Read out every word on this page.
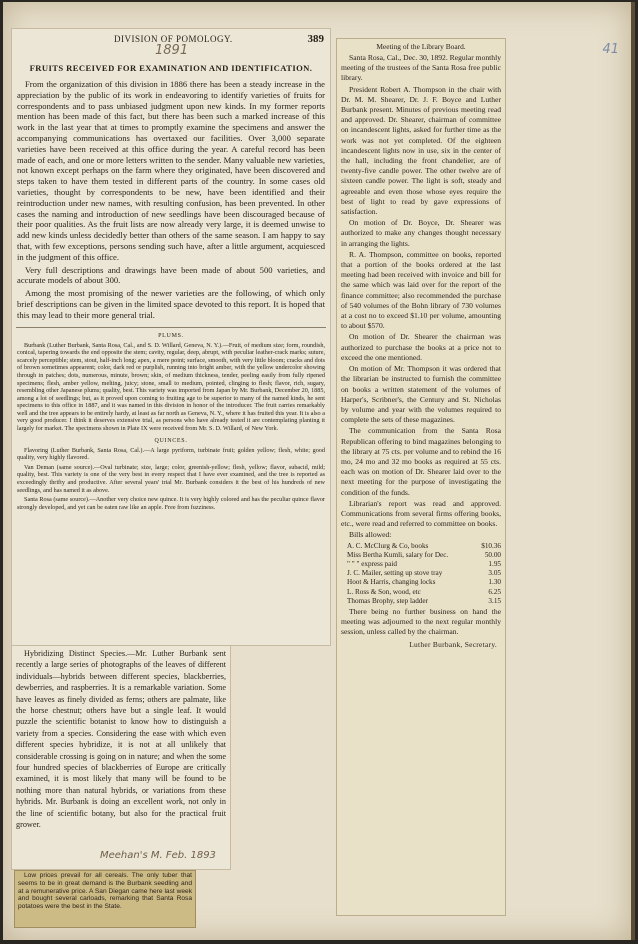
41
DIVISION OF POMOLOGY.	389
1891
FRUITS RECEIVED FOR EXAMINATION AND IDENTIFICATION.

From the organization of this division in 1886 there has been a steady increase in the appreciation by the public of its work in endeavoring to identify varieties of fruits for correspondents and to pass unbiased judgment upon new kinds. In my former reports mention has been made of this fact, but there has been such a marked increase of this work in the last year that at times to promptly examine the specimens and answer the accompanying communications has overtaxed our facilities. Over 3,000 separate varieties have been received at this office during the year. A careful record has been made of each, and one or more letters written to the sender. Many valuable new varieties, not known except perhaps on the farm where they originated, have been discovered and steps taken to have them tested in different parts of the country. In some cases old varieties, thought by correspondents to be new, have been identified and their reintroduction under new names, with resulting confusion, has been prevented. In other cases the naming and introduction of new seedlings have been discouraged because of their poor qualities. As the fruit lists are now already very large, it is deemed unwise to add new kinds unless decidedly better than others of the same season. I am happy to say that, with few exceptions, persons sending such have, after a little argument, acquiesced in the judgment of this office.

Very full descriptions and drawings have been made of about 500 varieties, and accurate models of about 300.

Among the most promising of the newer varieties are the following, of which only brief descriptions can be given in the limited space devoted to this report. It is hoped that this may lead to their more general trial.

PLUMS.

Burbank (Luther Burbank, Santa Rosa, Cal., and S. D. Willard, Geneva, N. Y.).—Fruit, of medium size; form, roundish, conical, tapering towards the end opposite the stem; cavity, regular, deep, abrupt, with peculiar leather-crack marks; suture, scarcely perceptible; stem, stout, half-inch long; apex, a mere point; surface, smooth, with very little bloom; cracks and dots of brown sometimes appearent; color, dark red or purplish, running into bright amber, with the yellow undercolor showing through in patches; dots, numerous, minute, brown; skin, of medium thickness, tender, peeling easily from fully ripened specimens; flesh, amber yellow, melting, juicy; stone, small to medium, pointed, clinging to flesh; flavor, rich, sugary, resembling other Japanese plums; quality, best. This variety was imported from Japan by Mr. Burbank, December 20, 1885, among a lot of seedlings; but, as it proved upon coming to fruiting age to be superior to many of the named kinds, he sent specimens to this office in 1887, and it was named in this division in honor of the introducer. The fruit carries remarkably well and the tree appears to be entirely hardy, at least as far north as Geneva, N. Y., where it has fruited this year. It is also a very good producer. I think it deserves extensive trial, as persons who have already tested it are contemplating planting it largely for market. The specimens shown in Plate IX were received from Mr. S. D. Willard, of New York.

QUINCES.

Flavoring (Luther Burbank, Santa Rosa, Cal.).—A large pyriform, turbinate fruit; golden yellow; flesh, white; good quality, very highly flavored.

Van Deman (same source).—Oval turbinate; size, large; color, greenish-yellow; flesh, yellow; flavor, subacid, mild; quality, best. This variety is one of the very best in every respect that I have ever examined, and the tree is reported as exceedingly thrifty and productive. After several years' trial Mr. Burbank considers it the best of his hundreds of new seedlings, and has named it as above.

Santa Rosa (same source).—Another very choice new quince. It is very highly colored and has the peculiar quince flavor strongly developed, and yet can be eaten raw like an apple. Free from fuzziness.

Hybridizing Distinct Species.—Mr. Luther Burbank sent recently a large series of photographs of the leaves of different individuals—hybrids between different species, blackberries, dewberries, and raspberries. It is a remarkable variation. Some have leaves as finely divided as ferns; others are palmate, like the horse chestnut; others have but a single leaf. It would puzzle the scientific botanist to know how to distinguish a variety from a species. Considering the ease with which even different species hybridize, it is not at all unlikely that considerable crossing is going on in nature; and when the some four hundred species of blackberries of Europe are critically examined, it is most likely that many will be found to be nothing more than natural hybrids, or variations from these hybrids. Mr. Burbank is doing an excellent work, not only in the line of scientific botany, but also for the practical fruit grower.

Meehan's M. Feb. 1893

Low prices prevail for all cereals. The only tuber that seems to be in great demand is the Burbank seedling and at a remunerative price. A San Diegan came here last week and bought several carloads, remarking that Santa Rosa potatoes were the best in the State.

Meeting of the Library Board.

Santa Rosa, Cal., Dec. 30, 1892. Regular monthly meeting of the trustees of the Santa Rosa free public library.

President Robert A. Thompson in the chair with Dr. M. M. Shearer, Dr. J. F. Boyce and Luther Burbank present. Minutes of previous meeting read and approved. Dr. Shearer, chairman of committee on incandescent lights, asked for further time as the work was not yet completed. Of the eighteen incandescent lights now in use, six in the center of the hall, including the front chandelier, are of twenty-five candle power. The other twelve are of sixteen candle power. The light is soft, steady and agreeable and even those whose eyes require the best of light to read by gave expressions of satisfaction.

On motion of Dr. Boyce, Dr. Shearer was authorized to make any changes thought necessary in arranging the lights.

R. A. Thompson, committee on books, reported that a portion of the books ordered at the last meeting had been received with invoice and bill for the same which was laid over for the report of the finance committee; also recommended the purchase of 540 volumes of the Bohn library of 730 volumes at a cost no to exceed $1.10 per volume, amounting to about $570.

On motion of Dr. Shearer the chairman was authorized to purchase the books at a price not to exceed the one mentioned.

On motion of Mr. Thompson it was ordered that the librarian be instructed to furnish the committee on books a written statement of the volumes of Harper's, Scribner's, the Century and St. Nicholas by volume and year with the volumes required to complete the sets of these magazines.

The communication from the Santa Rosa Republican offering to bind magazines belonging to the library at 75 cts. per volume and to rebind the 16 mo, 24 mo and 32 mo books as required at 55 cts. each was on motion of Dr. Shearer laid over to the next meeting for the purpose of investigating the condition of the funds.

Librarian's report was read and approved. Communications from several firms offering books, etc., were read and referred to committee on books.

Bills allowed:

A. C. McClurg & Co, books	$10.36
Miss Bertha Kumli, salary for Dec.	50.00
" " " express paid	1.95
J. C. Mailer, setting up stove tray	3.05
Hoot & Harris, changing locks	1.30
L. Ross & Son, wood, etc	6.25
Thomas Brophy, step ladder	3.15

There being no further business on hand the meeting was adjourned to the next regular monthly session, unless called by the chairman.

Luther Burbank, Secretary.
